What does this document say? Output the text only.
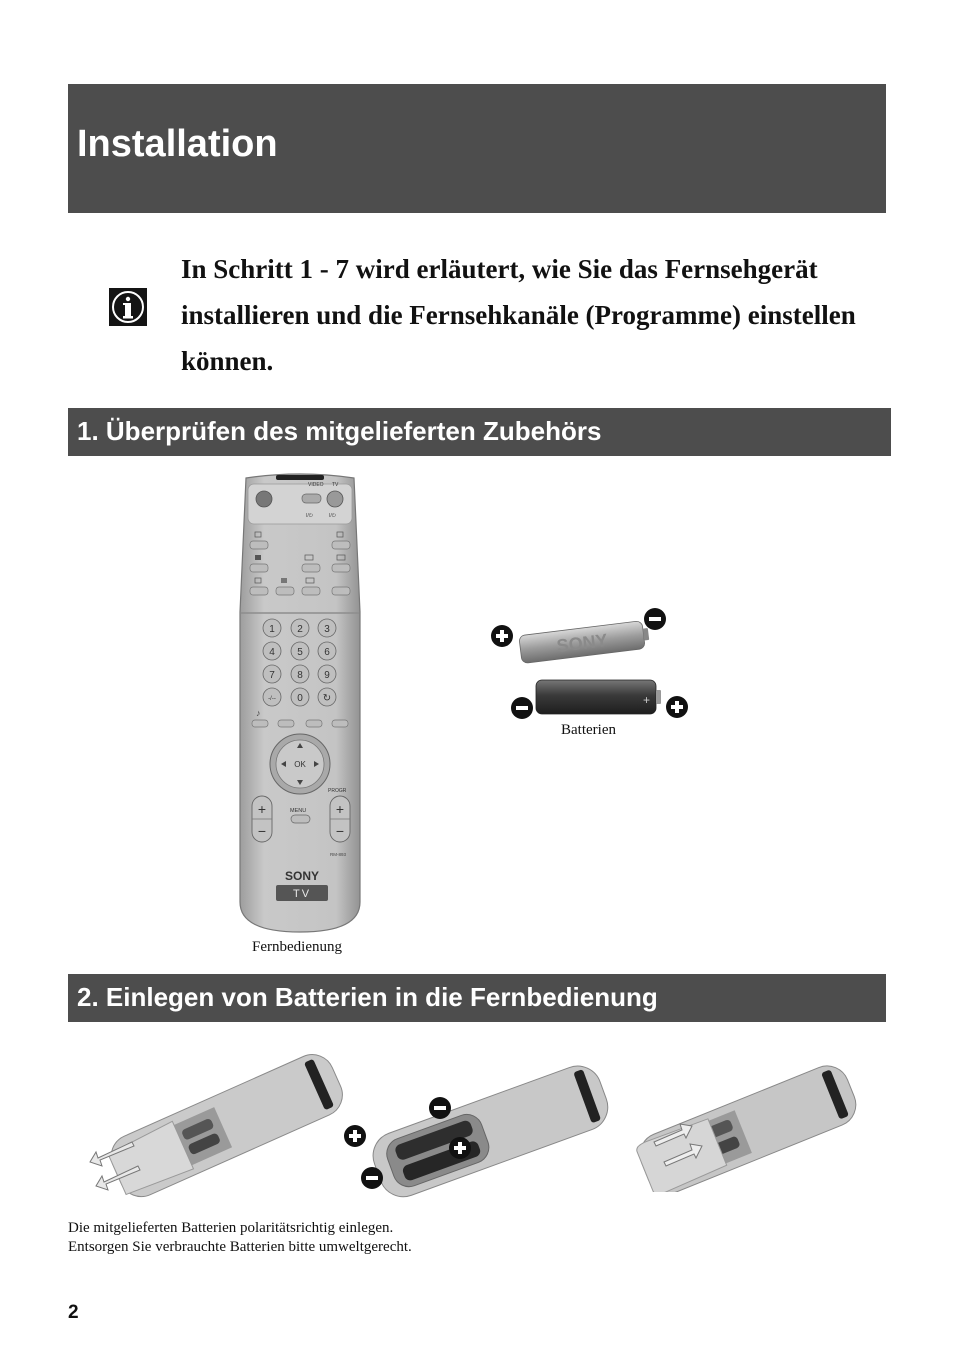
Installation
In Schritt 1 - 7 wird erläutert, wie Sie das Fernsehgerät installieren und die Fernsehkanäle (Programme) einstellen können.
1. Überprüfen des mitgelieferten Zubehörs
VIDEO TV
I/⏻	I/⏻
1 2 3
4 5 6
7 8 9
-/-- 0 ↻
♪
OK
+
−
+
−
MENU
PROGR
RM-893
SONY
TV
Fernbedienung
SONY
+
Batterien
2. Einlegen von Batterien in die Fernbedienung
Die mitgelieferten Batterien polaritätsrichtig einlegen.
Entsorgen Sie verbrauchte Batterien bitte umweltgerecht.
2
